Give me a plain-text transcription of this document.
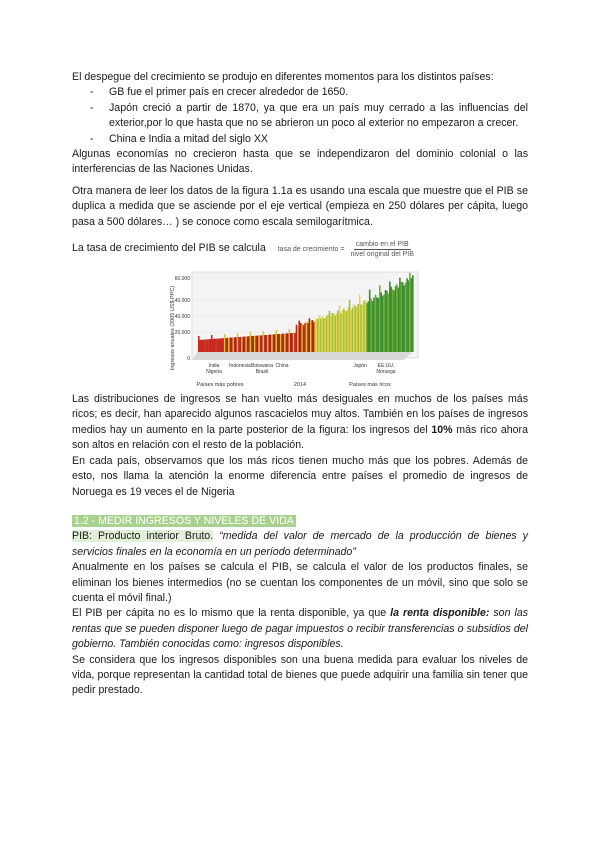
El despegue del crecimiento se produjo en diferentes momentos para los distintos países:

- GB fue el primer país en crecer alrededor de 1650.
- Japón creció a partir de 1870, ya que era un país muy cerrado a las influencias del exterior,por lo que hasta que no se abrieron un poco al exterior no empezaron a crecer.
- China e India a mitad del siglo XX

Algunas economías no crecieron hasta que se independizaron del dominio colonial o las interferencias de las Naciones Unidas.

Otra manera de leer los datos de la figura 1.1a es usando una escala que muestre que el PIB se duplica a medida que se asciende por el eje vertical (empieza en 250 dólares per cápita, luego pasa a 500 dólares… ) se conoce como escala semilogarítmica.

La tasa de crecimiento del PIB se calcula tasa de crecimiento = $\frac{\text{cambio en el PIB}}{\text{nivel original del PIB}}$
Ingresos anuales (2005 US$ PPC)
60.000
40.000
40.000
20.000
0
India Indonesia Botswana China	Japón EE.UU.
Nigeria	Brasil	Noruega
Países más pobres	2014	Países más ricos

Las distribuciones de ingresos se han vuelto más desiguales en muchos de los países más ricos; es decir, han aparecido algunos rascacielos muy altos. También en los países de ingresos medios hay un aumento en la parte posterior de la figura: los ingresos del 10% más rico ahora son altos en relación con el resto de la población.

En cada país, observamos que los más ricos tienen mucho más que los pobres. Además de esto, nos llama la atención la enorme diferencia entre países el promedio de ingresos de Noruega es 19 veces el de Nigeria

1.2 - MEDIR INGRESOS Y NIVELES DE VIDA

PIB: Producto interior Bruto. “medida del valor de mercado de la producción de bienes y servicios finales en la economía en un período determinado”

Anualmente en los países se calcula el PIB, se calcula el valor de los productos finales, se eliminan los bienes intermedios (no se cuentan los componentes de un móvil, sino que solo se cuenta el móvil final.)

El PIB per cápita no es lo mismo que la renta disponible, ya que la renta disponible: son las rentas que se pueden disponer luego de pagar impuestos o recibir transferencias o subsidios del gobierno. También conocidas como: ingresos disponibles.

Se considera que los ingresos disponibles son una buena medida para evaluar los niveles de vida, porque representan la cantidad total de bienes que puede adquirir una familia sin tener que pedir prestado.
